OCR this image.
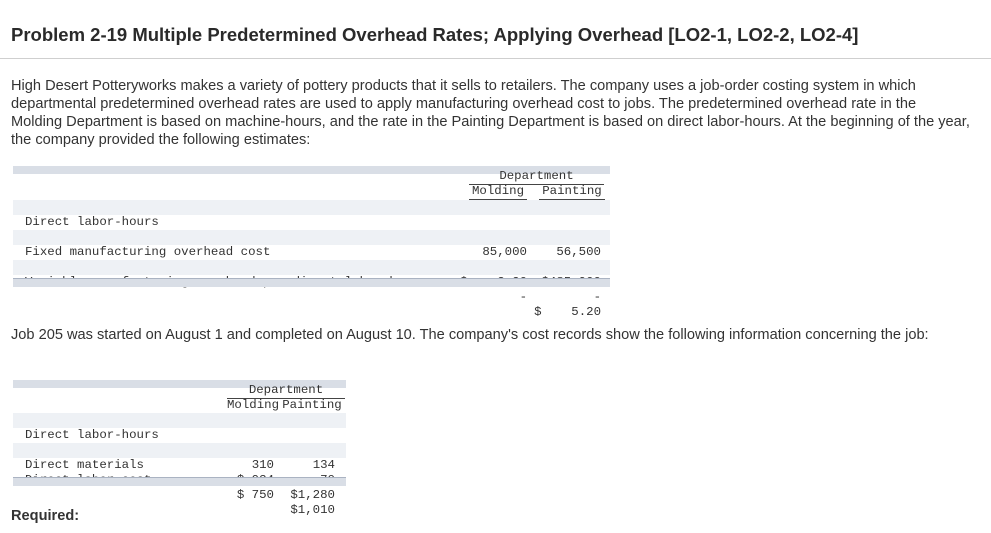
Problem 2-19 Multiple Predetermined Overhead Rates; Applying Overhead [LO2-1, LO2-2, LO2-4]
High Desert Potteryworks makes a variety of pottery products that it sells to retailers. The company uses a job-order costing system in which departmental predetermined overhead rates are used to apply manufacturing overhead cost to jobs. The predetermined overhead rate in the Molding Department is based on machine-hours, and the rate in the Painting Department is based on direct labor-hours. At the beginning of the year, the company provided the following estimates:
Department
Molding Painting

Direct labor-hours

56,500

85,000

Fixed manufacturing overhead cost

-

-

$    5.20

Job 205 was started on August 1 and completed on August 10. The company's cost records show the following information concerning the job:
Department
Molding Painting

Direct labor-hours

134

310

Direct materials

$1,280

$ 750

$1,010

Required:
